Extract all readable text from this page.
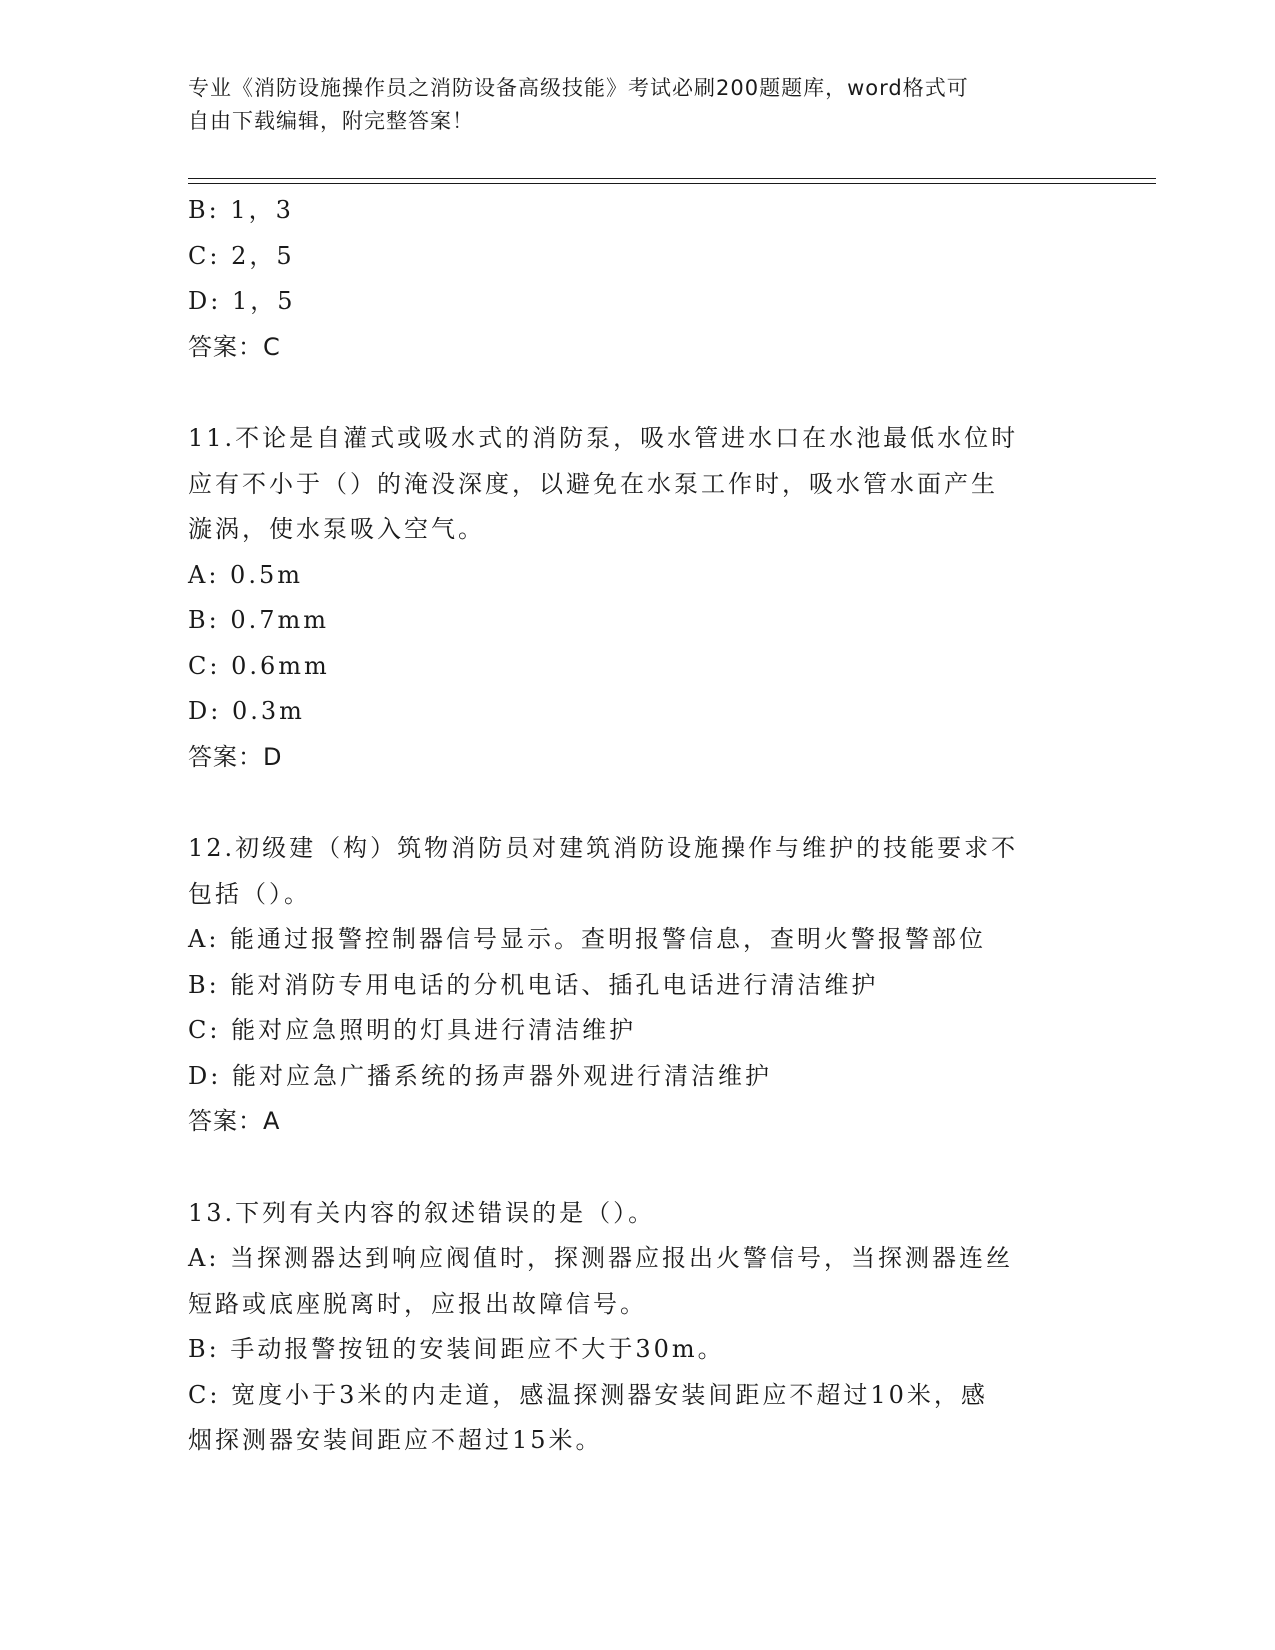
专业《消防设施操作员之消防设备高级技能》考试必刷200题题库，word格式可
自由下载编辑，附完整答案！
B: 1，3
C: 2，5
D: 1，5
答案：C
11.不论是自灌式或吸水式的消防泵，吸水管进水口在水池最低水位时
应有不小于（）的淹没深度，以避免在水泵工作时，吸水管水面产生
漩涡，使水泵吸入空气。
A: 0.5m
B: 0.7mm
C: 0.6mm
D: 0.3m
答案：D
12.初级建（构）筑物消防员对建筑消防设施操作与维护的技能要求不
包括（）。
A: 能通过报警控制器信号显示。查明报警信息，查明火警报警部位
B: 能对消防专用电话的分机电话、插孔电话进行清洁维护
C: 能对应急照明的灯具进行清洁维护
D: 能对应急广播系统的扬声器外观进行清洁维护
答案：A
13.下列有关内容的叙述错误的是（）。
A: 当探测器达到响应阀值时，探测器应报出火警信号，当探测器连丝
短路或底座脱离时，应报出故障信号。
B: 手动报警按钮的安装间距应不大于30m。
C: 宽度小于3米的内走道，感温探测器安装间距应不超过10米，感
烟探测器安装间距应不超过15米。
